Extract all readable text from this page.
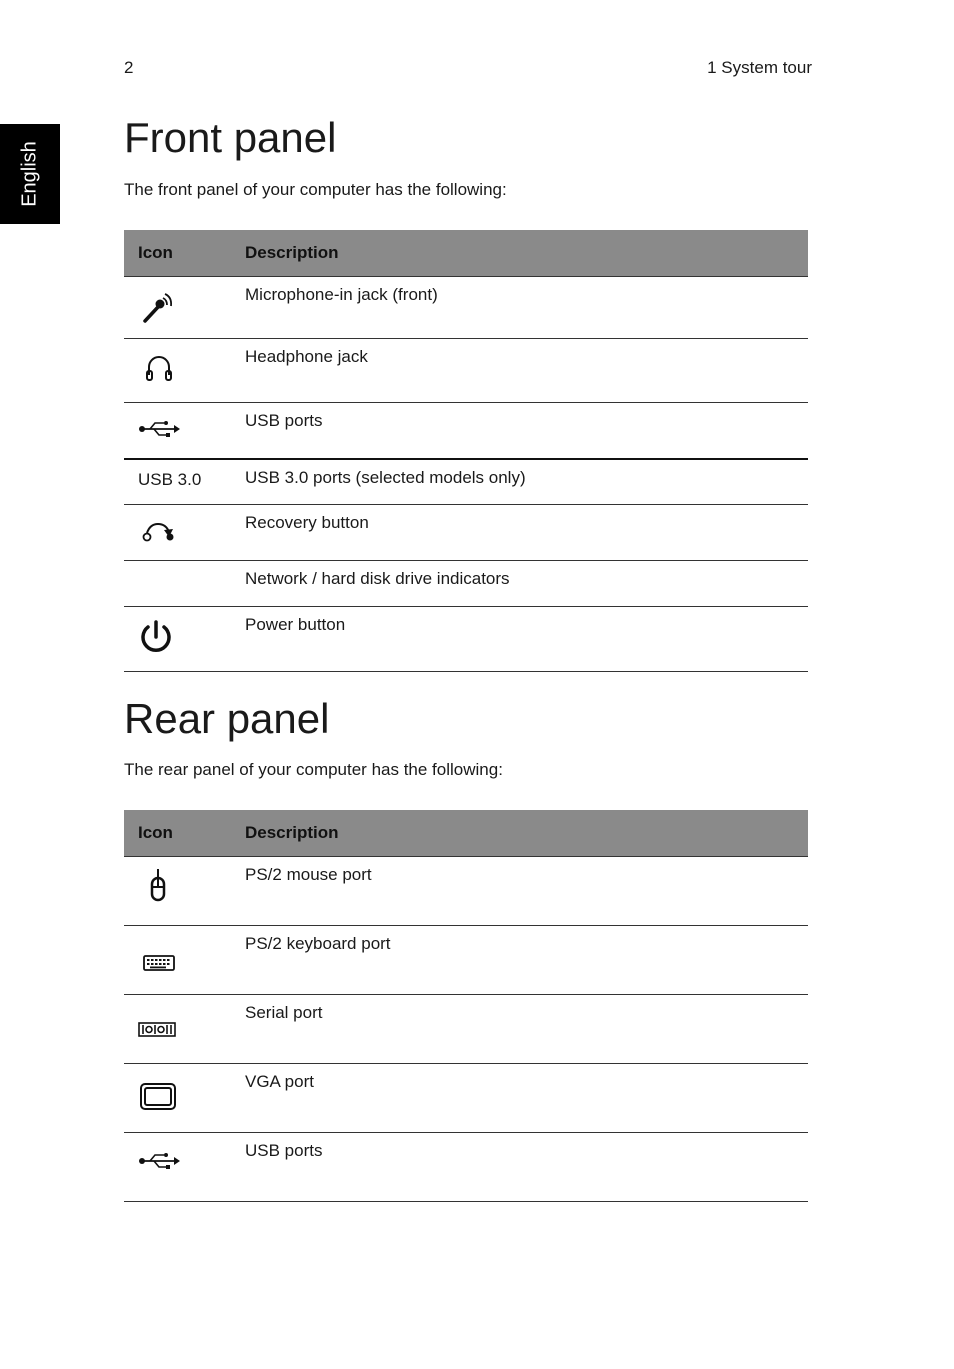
2	1 System tour
English
Front panel

The front panel of your computer has the following:

Icon	Description

	Microphone-in jack (front)

	Headphone jack

	USB ports
USB 3.0	USB 3.0 ports (selected models only)

	Recovery button
	Network / hard disk drive indicators

	Power button
Rear panel

The rear panel of your computer has the following:

Icon	Description

	PS/2 mouse port

	PS/2 keyboard port

	Serial port

	VGA port

	USB ports
